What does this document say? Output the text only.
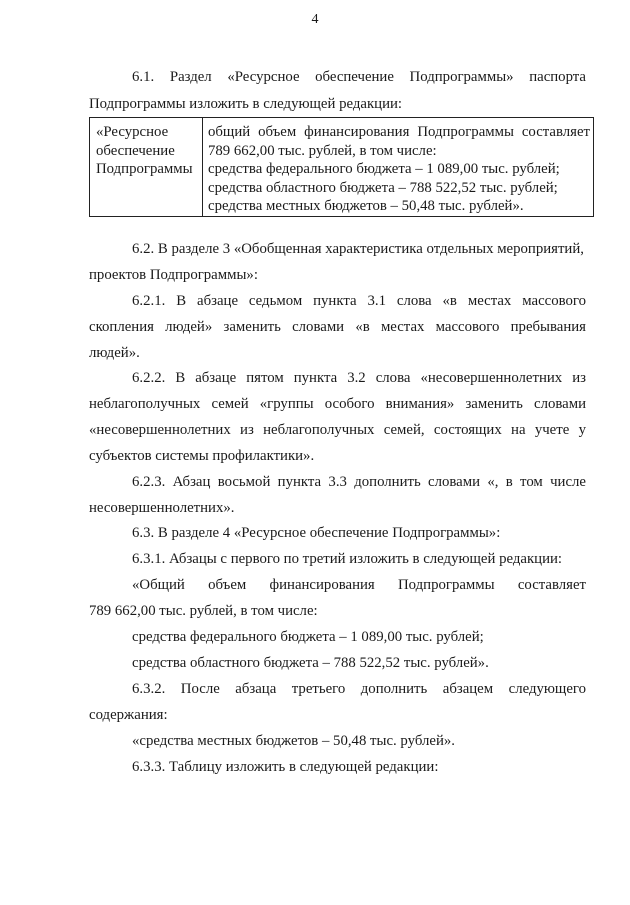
4
6.1. Раздел «Ресурсное обеспечение Подпрограммы» паспорта
Подпрограммы изложить в следующей редакции:
«Ресурсное
обеспечение
Подпрограммы
общий объем финансирования Подпрограммы составляет
789 662,00 тыс. рублей, в том числе:
средства федерального бюджета – 1 089,00 тыс. рублей;
средства областного бюджета – 788 522,52 тыс. рублей;
средства местных бюджетов – 50,48 тыс. рублей».
6.2. В разделе 3 «Обобщенная характеристика отдельных мероприятий,
проектов Подпрограммы»:
6.2.1. В абзаце седьмом пункта 3.1 слова «в местах массового
скопления людей» заменить словами «в местах массового пребывания
людей».
6.2.2. В абзаце пятом пункта 3.2 слова «несовершеннолетних из
неблагополучных семей «группы особого внимания» заменить словами
«несовершеннолетних из неблагополучных семей, состоящих на учете у
субъектов системы профилактики».
6.2.3. Абзац восьмой пункта 3.3 дополнить словами «, в том числе
несовершеннолетних».
6.3. В разделе 4 «Ресурсное обеспечение Подпрограммы»:
6.3.1. Абзацы с первого по третий изложить в следующей редакции:
«Общий объем финансирования Подпрограммы составляет
789 662,00 тыс. рублей, в том числе:
средства федерального бюджета – 1 089,00 тыс. рублей;
средства областного бюджета – 788 522,52 тыс. рублей».
6.3.2. После абзаца третьего дополнить абзацем следующего
содержания:
«средства местных бюджетов – 50,48 тыс. рублей».
6.3.3. Таблицу изложить в следующей редакции:
